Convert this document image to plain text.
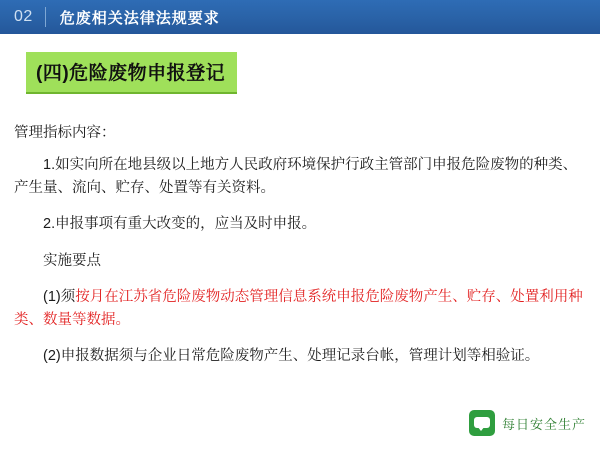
02	危废相关法律法规要求
(四)危险废物申报登记

管理指标内容：

1.如实向所在地县级以上地方人民政府环境保护行政主管部门申报危险废物的种类、产生量、流向、贮存、处置等有关资料。

2.申报事项有重大改变的，应当及时申报。

实施要点

(1)须按月在江苏省危险废物动态管理信息系统申报危险废物产生、贮存、处置利用种类、数量等数据。

(2)申报数据须与企业日常危险废物产生、处理记录台帐，管理计划等相验证。

每日安全生产
